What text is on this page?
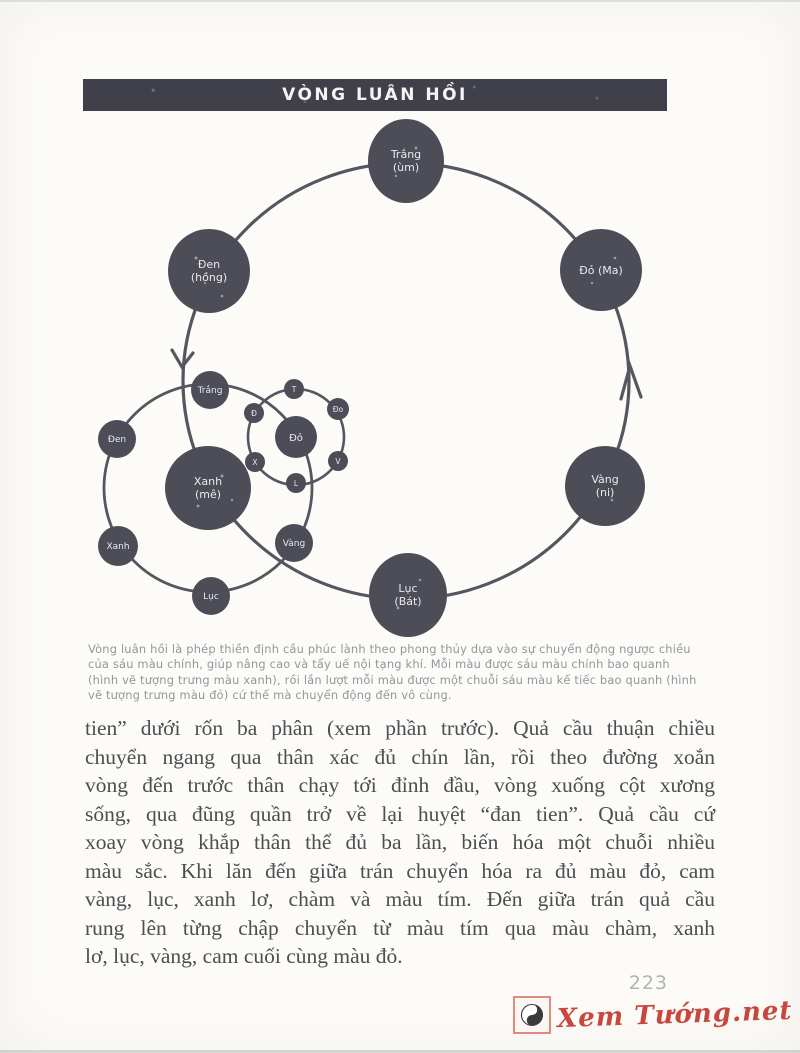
VÒNG LUÂN HỒI
Trắng
(ùm)
Đen
(hồng)
Đỏ (Ma)
Vàng
(ni)
Lục
(Bát)
Xanh
(mê)
Trắng
Đen
Xanh
Lục
Vàng
Đỏ
T
Đ	Đo
X	V
L
Vòng luân hồi là phép thiền định cầu phúc lành theo phong thủy dựa vào sự chuyển động ngược chiều
của sáu màu chính, giúp nâng cao và tẩy uế nội tạng khí. Mỗi màu được sáu màu chính bao quanh
(hình vẽ tượng trưng màu xanh), rồi lần lượt mỗi màu được một chuỗi sáu màu kế tiếc bao quanh (hình
vẽ tượng trưng màu đỏ) cứ thế mà chuyển động đến vô cùng.
tien” dưới rốn ba phân (xem phần trước). Quả cầu thuận chiều
chuyển ngang qua thân xác đủ chín lần, rồi theo đường xoắn
vòng đến trước thân chạy tới đỉnh đầu, vòng xuống cột xương
sống, qua đũng quần trở về lại huyệt “đan tien”. Quả cầu cứ
xoay vòng khắp thân thể đủ ba lần, biến hóa một chuỗi nhiều
màu sắc. Khi lăn đến giữa trán chuyển hóa ra đủ màu đỏ, cam
vàng, lục, xanh lơ, chàm và màu tím. Đến giữa trán quả cầu
rung lên từng chập chuyển từ màu tím qua màu chàm, xanh
lơ, lục, vàng, cam cuối cùng màu đỏ.
223
Xem Tướng.net
